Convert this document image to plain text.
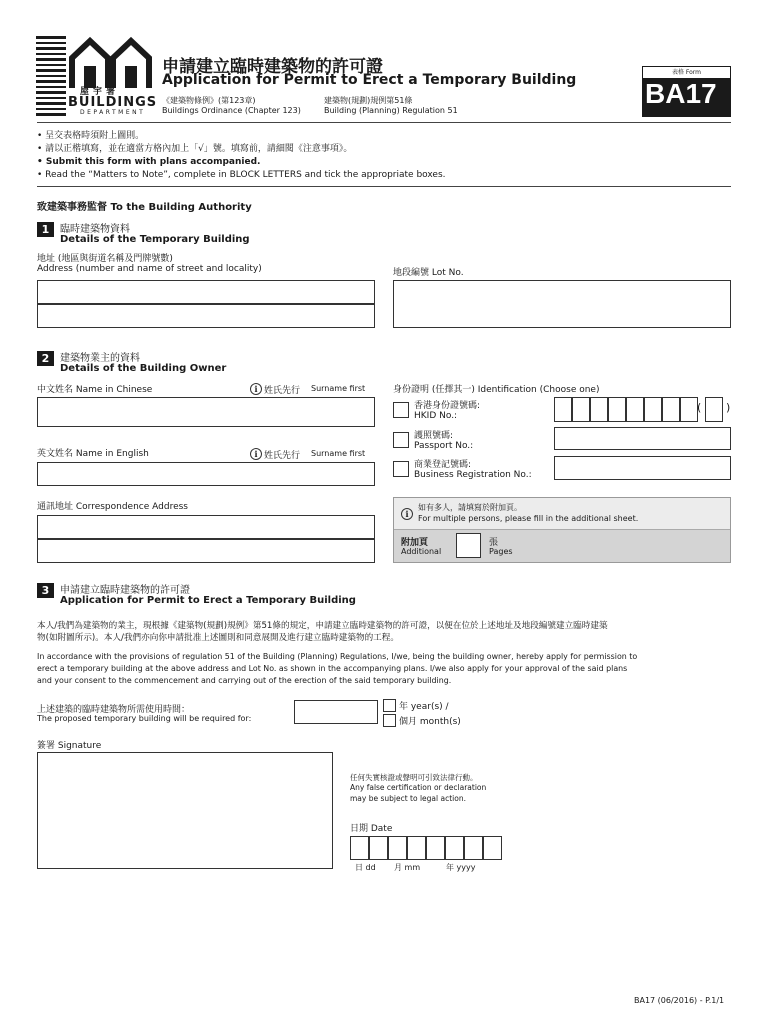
屋宇署
BUILDINGS
DEPARTMENT
申請建立臨時建築物的許可證
Application for Permit to Erect a Temporary Building
《建築物條例》(第123章)
Buildings Ordinance (Chapter 123)
建築物(規劃)規例第51條
Building (Planning) Regulation 51
表格 Form
BA17
• 呈交表格時須附上圖則。
• 請以正楷填寫，並在適當方格內加上「√」號。填寫前，請細閱《注意事項》。
• Submit this form with plans accompanied.
• Read the “Matters to Note”, complete in BLOCK LETTERS and tick the appropriate boxes.
致建築事務監督 To the Building Authority
1	臨時建築物資料
Details of the Temporary Building
地址 (地區與街道名稱及門牌號數)
Address (number and name of street and locality)	地段編號 Lot No.
2	建築物業主的資料
Details of the Building Owner
中文姓名 Name in Chinese	i 姓氏先行 Surname first
英文姓名 Name in English	i 姓氏先行 Surname first
身份證明 (任擇其一) Identification (Choose one)
香港身份證號碼:
HKID No.:
( )
護照號碼:
Passport No.:
商業登記號碼:
Business Registration No.:
通訊地址 Correspondence Address
i
如有多人，請填寫於附加頁。
For multiple persons, please fill in the additional sheet.
附加頁
Additional
張
Pages
3	申請建立臨時建築物的許可證
Application for Permit to Erect a Temporary Building
本人/我們為建築物的業主，現根據《建築物(規劃)規例》第51條的規定，申請建立臨時建築物的許可證，以便在位於上述地址及地段編號建立臨時建築
物(如附圖所示)。本人/我們亦向你申請批准上述圖則和同意展開及進行建立臨時建築物的工程。
In accordance with the provisions of regulation 51 of the Building (Planning) Regulations, I/we, being the building owner, hereby apply for permission to
erect a temporary building at the above address and Lot No. as shown in the accompanying plans. I/we also apply for your approval of the said plans
and your consent to the commencement and carrying out of the erection of the said temporary building.
上述建築的臨時建築物所需使用時間：
The proposed temporary building will be required for:
年 year(s) /
個月 month(s)
簽署 Signature
任何失實核證或聲明可引致法律行動。
Any false certification or declaration
may be subject to legal action.
日期 Date
日 dd 月 mm	年 yyyy
BA17 (06/2016) - P.1/1
